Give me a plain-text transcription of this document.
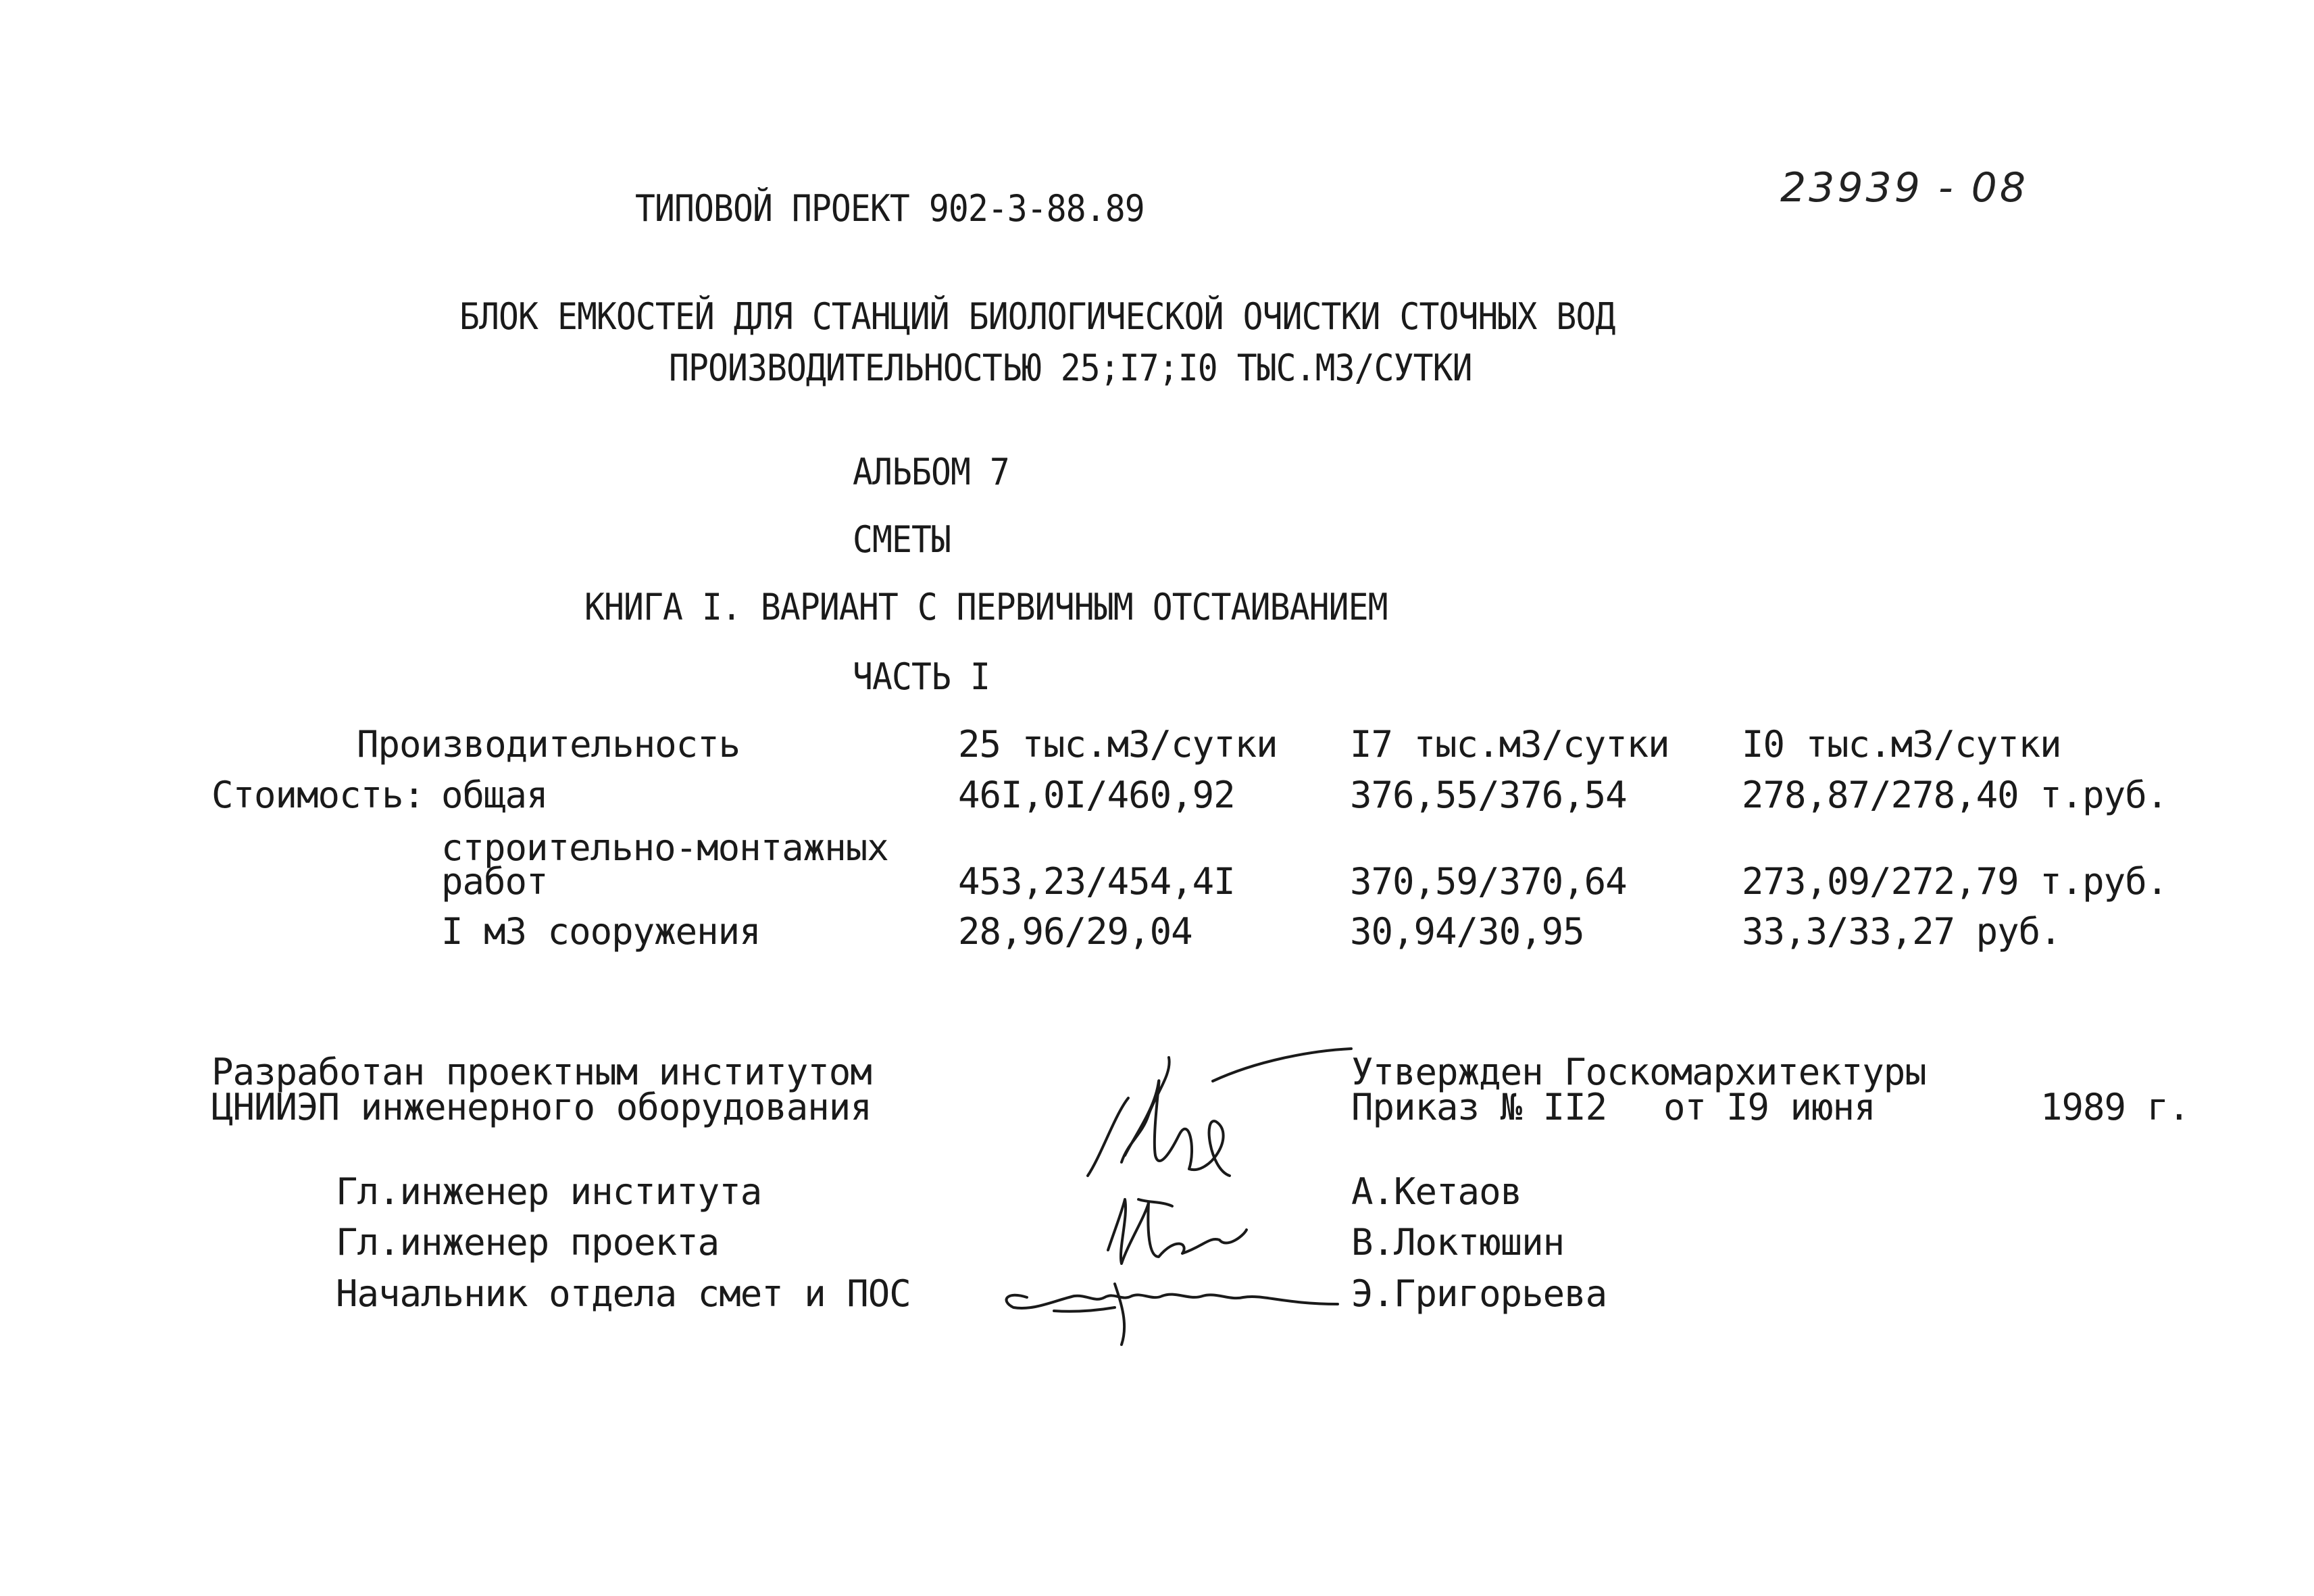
ТИПОВОЙ ПРОЕКТ 902-3-88.89	23939 - 08
БЛОК ЕМКОСТЕЙ ДЛЯ СТАНЦИЙ БИОЛОГИЧЕСКОЙ ОЧИСТКИ СТОЧНЫХ ВОД
ПРОИЗВОДИТЕЛЬНОСТЬЮ 25;I7;I0 ТЫС.М3/СУТКИ
АЛЬБОМ 7
СМЕТЫ
КНИГА I. ВАРИАНТ С ПЕРВИЧНЫМ ОТСТАИВАНИЕМ
ЧАСТЬ I
Производительность	25 тыс.м3/сутки I7 тыс.м3/сутки I0 тыс.м3/сутки
Стоимость: общая	46I,0I/460,92	376,55/376,54	278,87/278,40 т.руб.
строительно-монтажных
работ	453,23/454,4I	370,59/370,64	273,09/272,79 т.руб.
I м3 сооружения	28,96/29,04	30,94/30,95	33,3/33,27 руб.
Разработан проектным институтом
ЦНИИЭП инженерного оборудования
Утвержден Госкомархитектуры
Приказ № II2 от I9 июня	1989 г.
Гл.инженер института	А.Кетаов
Гл.инженер проекта	В.Локтюшин
Начальник отдела смет и ПОС	Э.Григорьева
